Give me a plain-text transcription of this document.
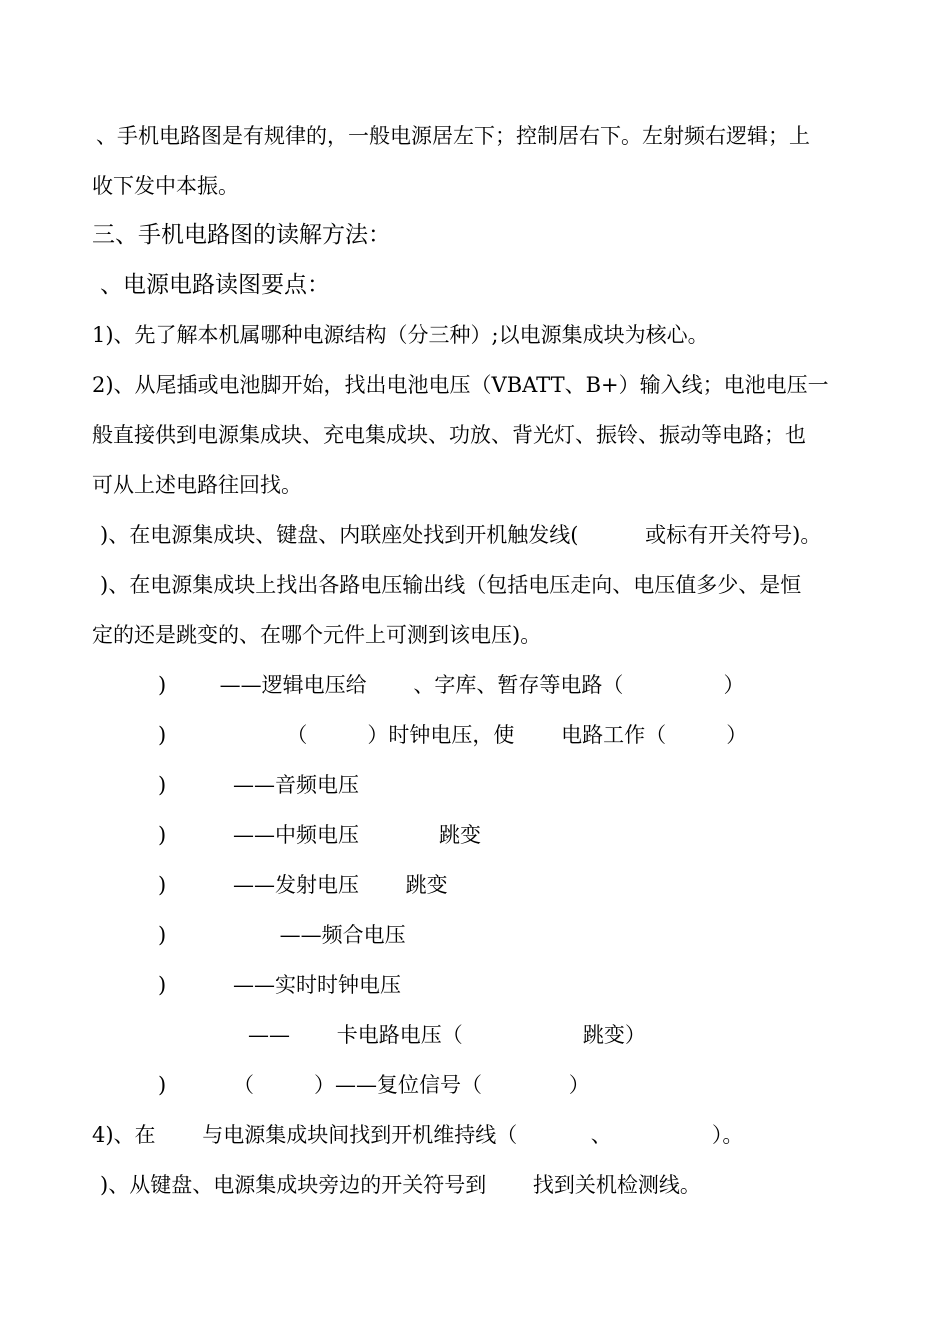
、手机电路图是有规律的，一般电源居左下；控制居右下。左射频右逻辑；上
收下发中本振。
三、手机电路图的读解方法：
、电源电路读图要点：
1)、先了解本机属哪种电源结构（分三种）;以电源集成块为核心。
2)、从尾插或电池脚开始，找出电池电压（VBATT、B+）输入线；电池电压一
般直接供到电源集成块、充电集成块、功放、背光灯、振铃、振动等电路；也
可从上述电路往回找。
)、在电源集成块、键盘、内联座处找到开机触发线(          或标有开关符号)。
)、在电源集成块上找出各路电压输出线（包括电压走向、电压值多少、是恒
定的还是跳变的、在哪个元件上可测到该电压)。
)        ——逻辑电压给       、字库、暂存等电路（               ）
)                  （         ）时钟电压，使       电路工作（         ）
)          ——音频电压
)          ——中频电压            跳变
)          ——发射电压       跳变
)                 ——频合电压
)          ——实时时钟电压
——       卡电路电压（                  跳变）
)          （         ）——复位信号（             ）
4)、在       与电源集成块间找到开机维持线（           、               ）。
)、从键盘、电源集成块旁边的开关符号到       找到关机检测线。
